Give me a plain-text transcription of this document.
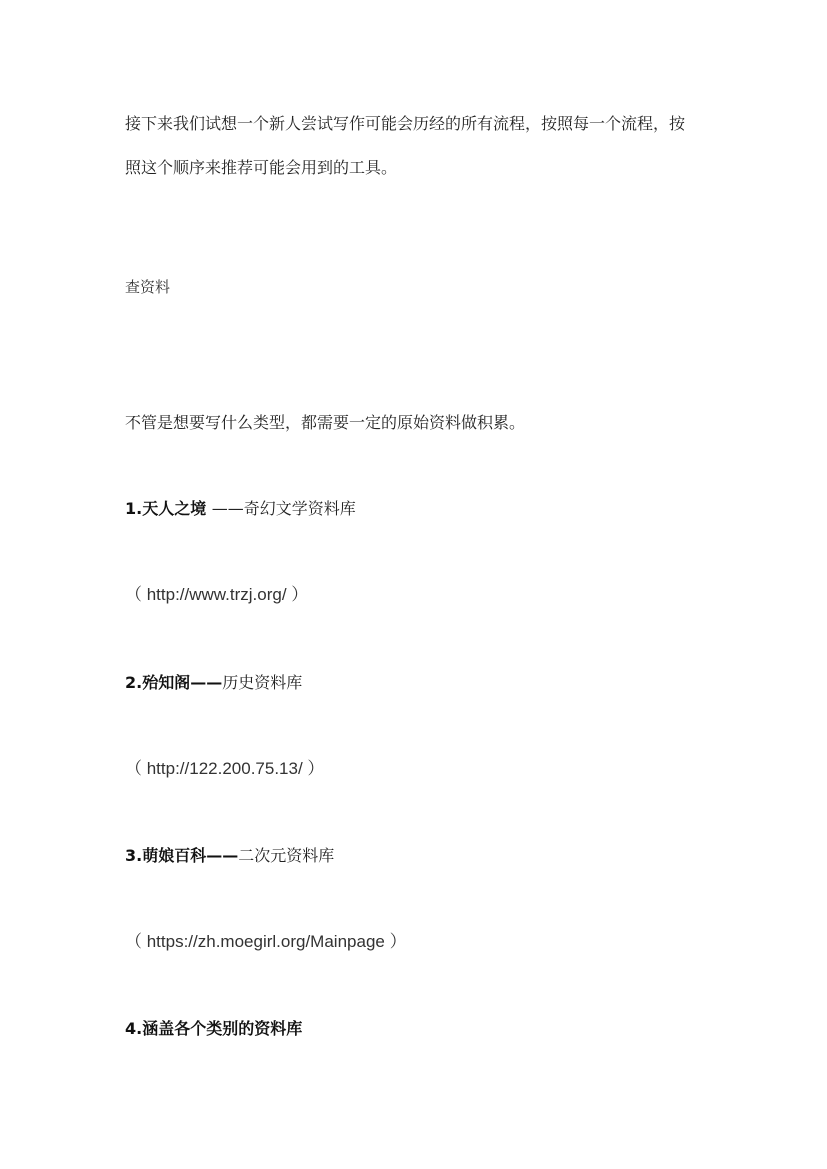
接下来我们试想一个新人尝试写作可能会历经的所有流程，按照每一个流程，按
照这个顺序来推荐可能会用到的工具。
查资料
不管是想要写什么类型，都需要一定的原始资料做积累。
1.天人之境 ——奇幻文学资料库
（ http://www.trzj.org/ ）
2.殆知阁——历史资料库
（ http://122.200.75.13/ ）
3.萌娘百科——二次元资料库
（ https://zh.moegirl.org/Mainpage ）
4.涵盖各个类别的资料库
